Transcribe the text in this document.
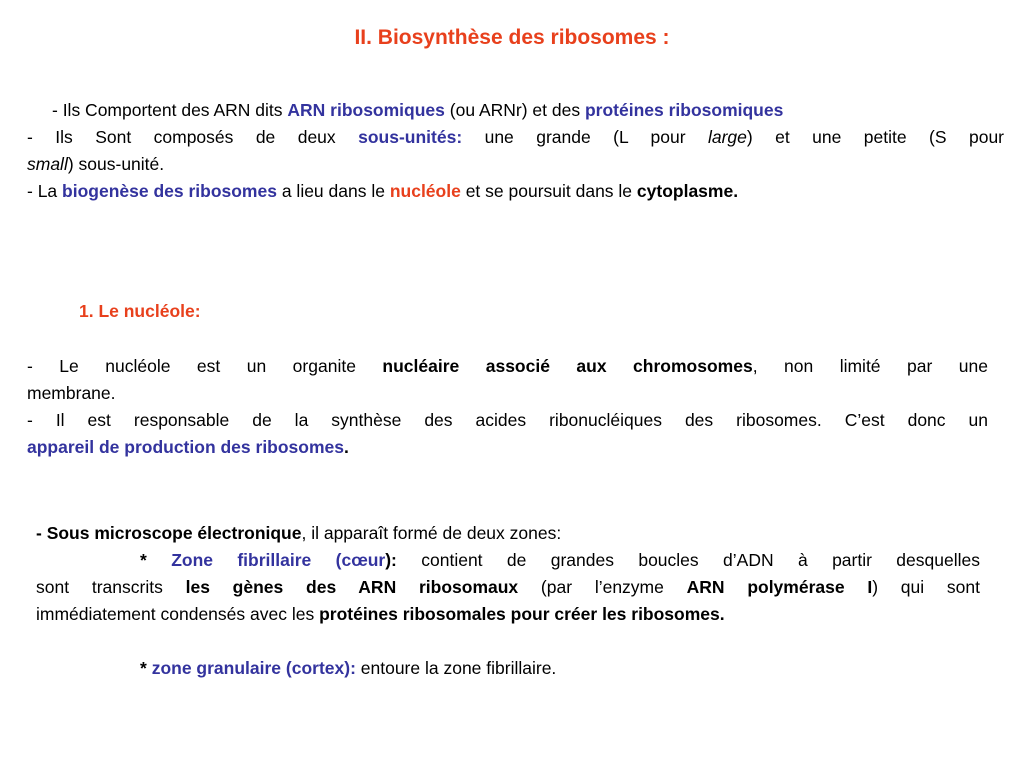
II. Biosynthèse des ribosomes :
- Ils Comportent des ARN dits ARN ribosomiques (ou ARNr) et des protéines ribosomiques
- Ils Sont composés de deux sous-unités: une grande (L pour large) et une petite (S pour
small) sous-unité.
- La biogenèse des ribosomes a lieu dans le nucléole et se poursuit dans le cytoplasme.
1. Le nucléole:
- Le nucléole est un organite nucléaire associé aux chromosomes, non limité par une
membrane.
- Il est responsable de la synthèse des acides ribonucléiques des ribosomes. C’est donc un
appareil de production des ribosomes.
- Sous microscope électronique, il apparaît formé de deux zones:
* Zone fibrillaire (cœur): contient de grandes boucles d’ADN à partir desquelles
sont transcrits les gènes des ARN ribosomaux (par l’enzyme ARN polymérase I) qui sont
immédiatement condensés avec les protéines ribosomales pour créer les ribosomes.
* zone granulaire (cortex): entoure la zone fibrillaire.
